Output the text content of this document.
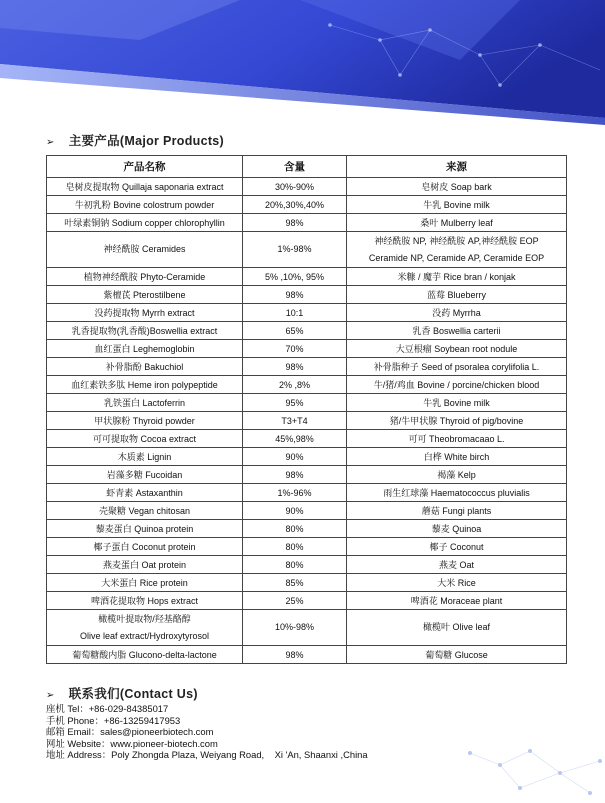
➢ 主要产品(Major Products)
产品名称	含量	来源
皂树皮提取物 Quillaja saponaria extract	30%-90%	皂树皮 Soap bark
牛初乳粉 Bovine colostrum powder	20%,30%,40%	牛乳 Bovine milk
叶绿素铜钠 Sodium copper chlorophyllin	98%	桑叶 Mulberry leaf
神经酰胺 Ceramides	1%-98%	神经酰胺 NP, 神经酰胺 AP,神经酰胺 EOP
Ceramide NP, Ceramide AP, Ceramide EOP
植物神经酰胺 Phyto-Ceramide	5% ,10%, 95%	米糠 / 魔芋 Rice bran / konjak
紫檀芪 Pterostilbene	98%	蓝莓 Blueberry
没药提取物 Myrrh extract	10:1	没药 Myrrha
乳香提取物(乳香酸)Boswellia extract	65%	乳香 Boswellia carterii
血红蛋白 Leghemoglobin	70%	大豆根瘤 Soybean root nodule
补骨脂酚 Bakuchiol	98%	补骨脂种子 Seed of psoralea corylifolia L.
血红素铁多肽 Heme iron polypeptide	2% ,8%	牛/猪/鸡血 Bovine / porcine/chicken blood
乳铁蛋白 Lactoferrin	95%	牛乳 Bovine milk
甲状腺粉 Thyroid powder	T3+T4	猪/牛甲状腺 Thyroid of pig/bovine
可可提取物 Cocoa extract	45%,98%	可可 Theobromacaao L.
木质素 Lignin	90%	白桦 White birch
岩藻多糖 Fucoidan	98%	褐藻 Kelp
虾青素 Astaxanthin	1%-96%	雨生红球藻 Haematococcus pluvialis
壳聚糖 Vegan chitosan	90%	蘑菇 Fungi plants
藜麦蛋白 Quinoa protein	80%	藜麦 Quinoa
椰子蛋白 Coconut protein	80%	椰子 Coconut
燕麦蛋白 Oat protein	80%	燕麦 Oat
大米蛋白 Rice protein	85%	大米 Rice
啤酒花提取物 Hops extract	25%	啤酒花 Moraceae plant
橄榄叶提取物/羟基酪醇
Olive leaf extract/Hydroxytyrosol	10%-98%	橄榄叶 Olive leaf
葡萄糖酸内脂 Glucono-delta-lactone	98%	葡萄糖 Glucose
➢ 联系我们(Contact Us)
座机 Tel：+86-029-84385017
手机 Phone：+86-13259417953
邮箱 Email：sales@pioneerbiotech.com
网址 Website：www.pioneer-biotech.com
地址 Address：Poly Zhongda Plaza, Weiyang Road,    Xi 'An, Shaanxi ,China
